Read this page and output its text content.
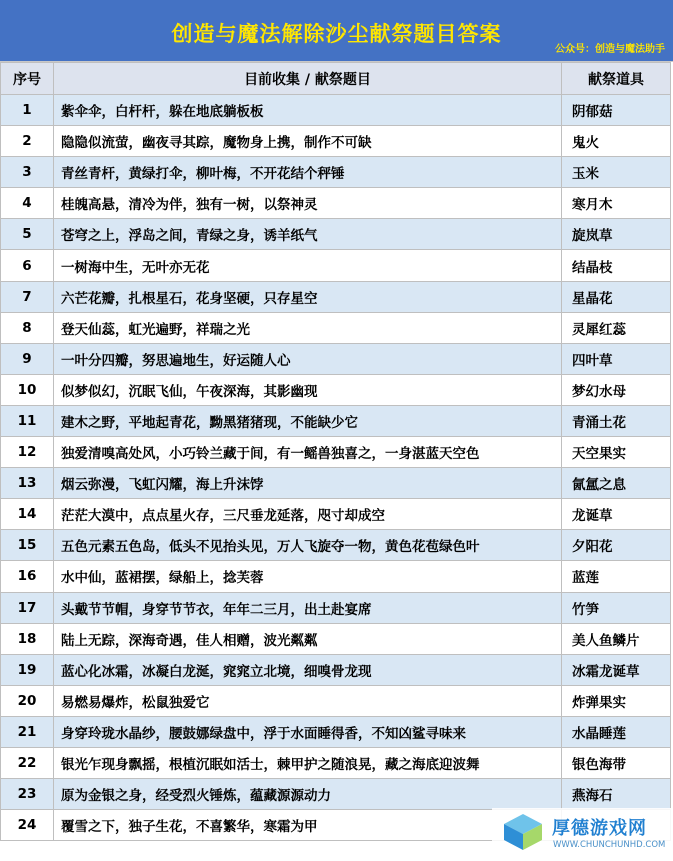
创造与魔法解除沙尘献祭题目答案
公众号：创造与魔法助手
序号	目前收集 / 献祭题目	献祭道具
1	紫伞伞，白杆杆，躲在地底躺板板	阴郁菇
2	隐隐似流萤，幽夜寻其踪，魔物身上携，制作不可缺	鬼火
3	青丝青杆，黄绿打伞，柳叶梅，不开花结个秤锤	玉米
4	桂魄高悬，清冷为伴，独有一树，以祭神灵	寒月木
5	苍穹之上，浮岛之间，青绿之身，诱羊纸气	旋岚草
6	一树海中生，无叶亦无花	结晶枝
7	六芒花瓣，扎根星石，花身坚硬，只存星空	星晶花
8	登天仙蕊，虹光遍野，祥瑞之光	灵犀红蕊
9	一叶分四瓣，努思遍地生，好运随人心	四叶草
10	似梦似幻，沉眠飞仙，午夜深海，其影幽现	梦幻水母
11	建木之野，平地起青花，黝黑猪猪现，不能缺少它	青涌土花
12	独爱清嗅高处风，小巧铃兰藏于间，有一鳐兽独喜之，一身湛蓝天空色	天空果实
13	烟云弥漫，飞虹闪耀，海上升沫饽	氤氲之息
14	茫茫大漠中，点点星火存，三尺垂龙延落，咫寸却成空	龙诞草
15	五色元素五色岛，低头不见抬头见，万人飞旋夺一物，黄色花苞绿色叶	夕阳花
16	水中仙，蓝裙摆，绿船上，捻芙蓉	蓝莲
17	头戴节节帽，身穿节节衣，年年二三月，出土赴宴席	竹笋
18	陆上无踪，深海奇遇，佳人相赠，波光粼粼	美人鱼鳞片
19	蓝心化冰霜，冰凝白龙涎，窕窕立北境，细嗅骨龙现	冰霜龙诞草
20	易燃易爆炸，松鼠独爱它	炸弹果实
21	身穿玲珑水晶纱，腰鼓娜绿盘中，浮于水面睡得香，不知凶鲨寻味来	水晶睡莲
22	银光乍现身飘摇，根植沉眠如活士，棘甲护之随浪晃，藏之海底迎波舞	银色海带
23	原为金银之身，经受烈火锤炼，蕴藏源源动力	燕海石
24	覆雪之下，独子生花，不喜繁华，寒霜为甲		厚德游戏网
WWW.CHUNCHUNHD.COM
